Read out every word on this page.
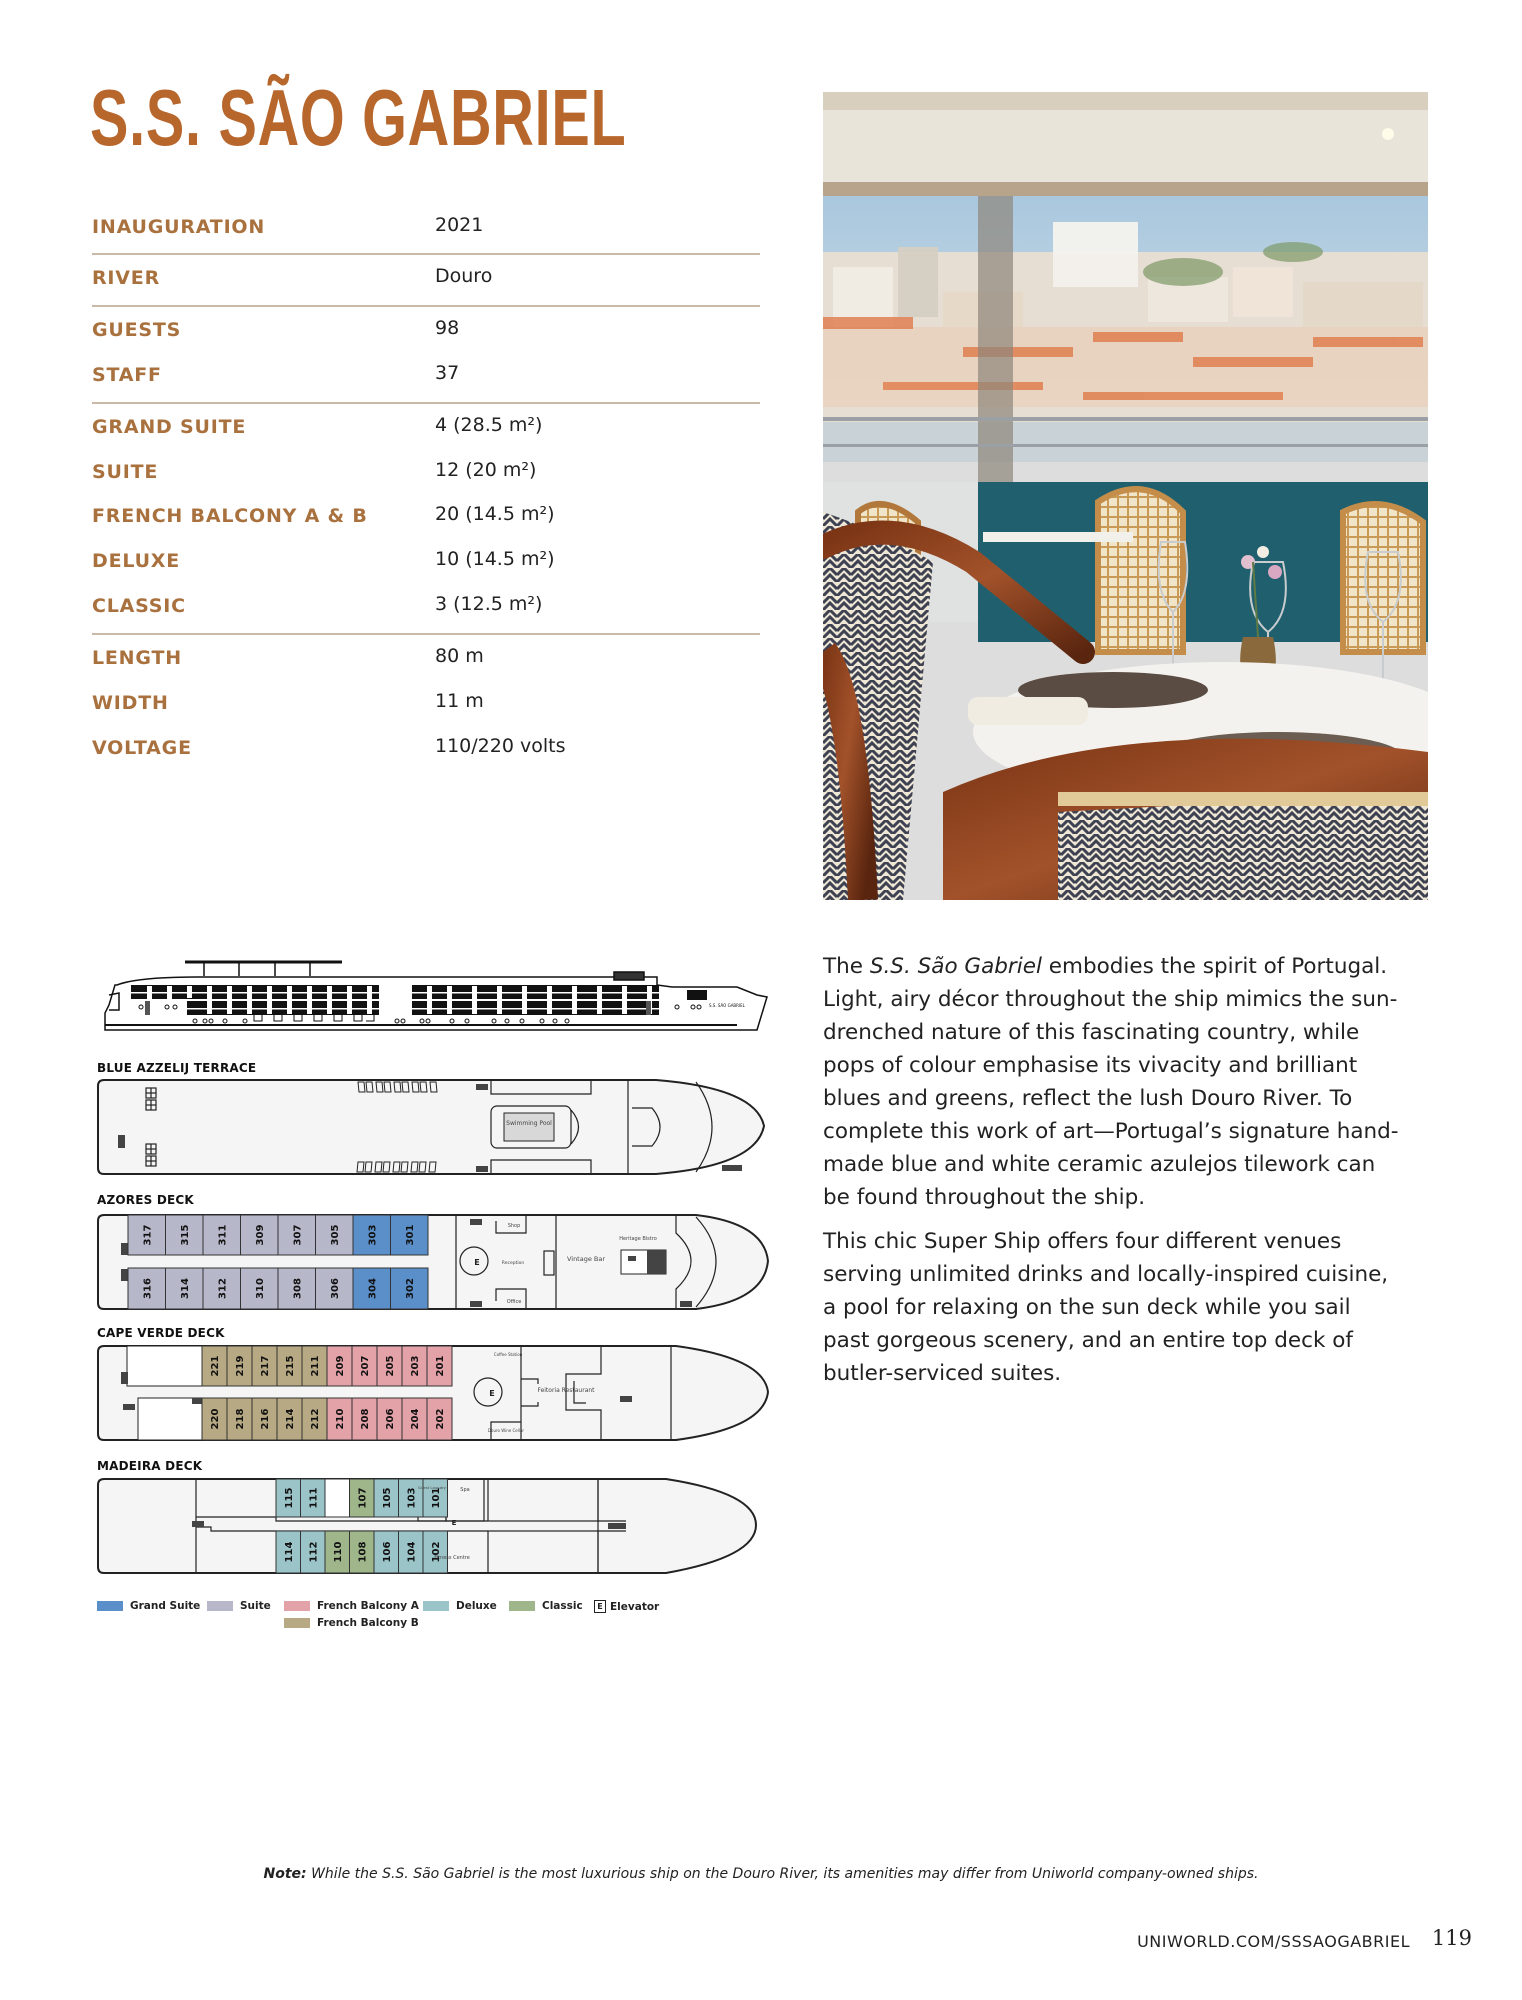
S.S. SÃO GABRIEL
INAUGURATION	2021
RIVER	Douro
GUESTS	98
STAFF	37
GRAND SUITE	4 (28.5 m²)
SUITE	12 (20 m²)
FRENCH BALCONY A & B	20 (14.5 m²)
DELUXE	10 (14.5 m²)
CLASSIC	3 (12.5 m²)
LENGTH	80 m
WIDTH	11 m
VOLTAGE	110/220 volts
S.S. SÃO GABRIEL
BLUE AZZELIJ TERRACE
Swimming Pool
AZORES DECK
317	315	311	309	307	305	303	301
316	314	312	310	308	306	304	302
E
Shop
Reception
Office
Vintage Bar
Heritage Bistro
CAPE VERDE DECK
221 219 217 215 211 209 207 205 203 201
220 218 216 214 212 210 208 206 204 202
E
Coffee Station
Feitoria Restaurant
Douro Wine Cellar
MADEIRA DECK
115 111	107 105 103 101
114 112 110 108 106 104 102
E
Guest Laundry	Spa
Fitness Centre
Grand Suite	Suite	French Balcony A
French Balcony B
Deluxe	Classic	E Elevator

The S.S. São Gabriel embodies the spirit of Portugal. Light, airy décor throughout the ship mimics the sun-drenched nature of this fascinating country, while pops of colour emphasise its vivacity and brilliant blues and greens, reflect the lush Douro River. To complete this work of art—Portugal’s signature hand-made blue and white ceramic azulejos tilework can be found throughout the ship.

This chic Super Ship offers four different venues serving unlimited drinks and locally-inspired cuisine, a pool for relaxing on the sun deck while you sail past gorgeous scenery, and an entire top deck of butler-serviced suites.

Note: While the S.S. São Gabriel is the most luxurious ship on the Douro River, its amenities may differ from Uniworld company-owned ships.
UNIWORLD.COM/SSSAOGABRIEL 119
